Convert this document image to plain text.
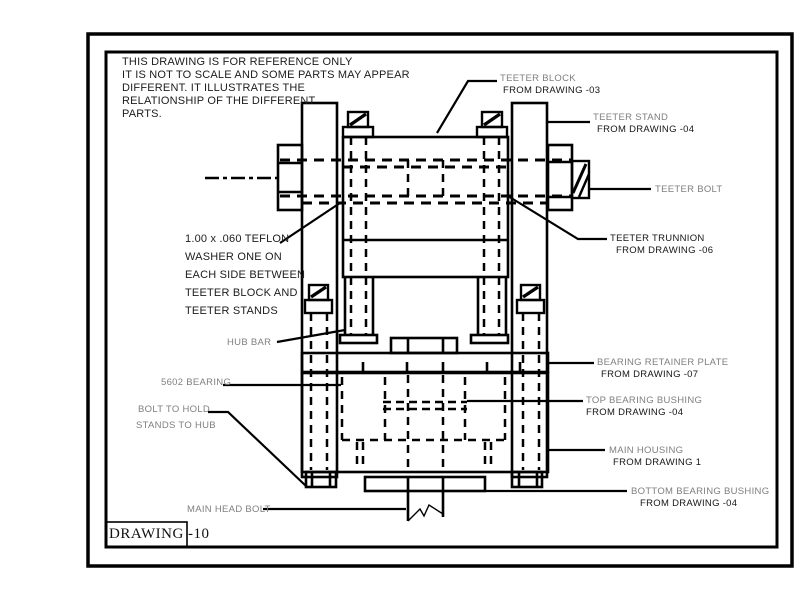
THIS DRAWING IS FOR REFERENCE ONLY
IT IS NOT TO SCALE AND SOME PARTS MAY APPEAR
DIFFERENT. IT ILLUSTRATES THE
RELATIONSHIP OF THE DIFFERENT
PARTS.
1.00 x .060 TEFLON
WASHER ONE ON
EACH SIDE BETWEEN
TEETER BLOCK AND
TEETER STANDS
TEETER BLOCK
FROM DRAWING -03
TEETER STAND
FROM DRAWING -04
TEETER BOLT
TEETER TRUNNION
FROM DRAWING -06
HUB BAR
5602 BEARING
BOLT TO HOLD
STANDS TO HUB
MAIN HEAD BOLT
BEARING RETAINER PLATE
FROM DRAWING -07
TOP BEARING BUSHING
FROM DRAWING -04
MAIN HOUSING
FROM DRAWING 1
BOTTOM BEARING BUSHING
FROM DRAWING -04
DRAWING -10
